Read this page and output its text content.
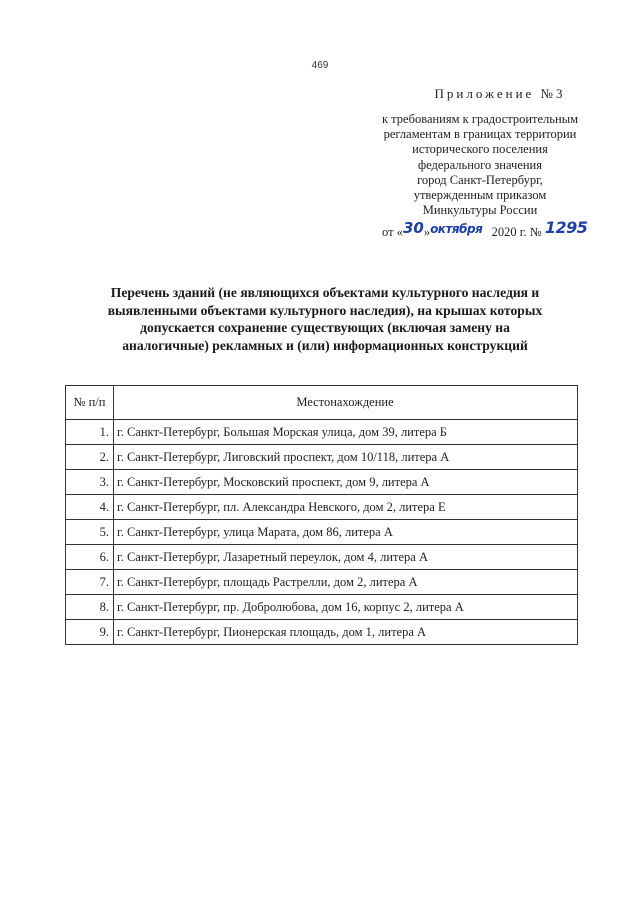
469
Приложение №3
к требованиям к градостроительным
регламентам в границах территории
исторического поселения
федерального значения
город Санкт-Петербург,
утвержденным приказом
Минкультуры России
от «30»октября 2020 г. № 1295
Перечень зданий (не являющихся объектами культурного наследия и
выявленными объектами культурного наследия), на крышах которых
допускается сохранение существующих (включая замену на
аналогичные) рекламных и (или) информационных конструкций
№ п/п	Местонахождение
1.	г. Санкт-Петербург, Большая Морская улица, дом 39, литера Б
2.	г. Санкт-Петербург, Лиговский проспект, дом 10/118, литера А
3.	г. Санкт-Петербург, Московский проспект, дом 9, литера А
4.	г. Санкт-Петербург, пл. Александра Невского, дом 2, литера Е
5.	г. Санкт-Петербург, улица Марата, дом 86, литера А
6.	г. Санкт-Петербург, Лазаретный переулок, дом 4, литера А
7.	г. Санкт-Петербург, площадь Растрелли, дом 2, литера А
8.	г. Санкт-Петербург, пр. Добролюбова, дом 16, корпус 2, литера А
9.	г. Санкт-Петербург, Пионерская площадь, дом 1, литера А
